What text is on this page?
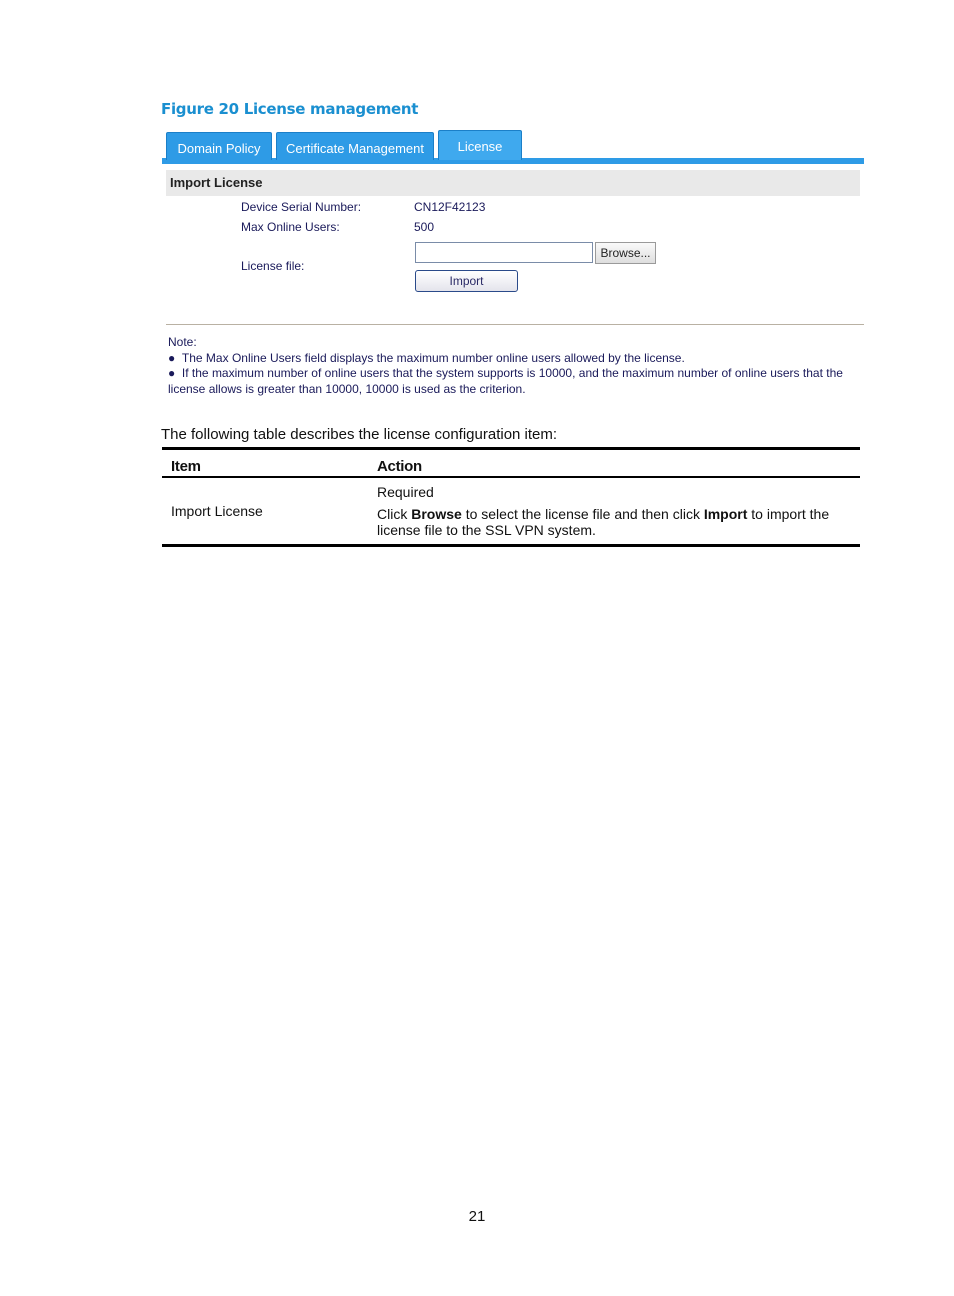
Figure 20 License management
Domain Policy	Certificate Management	License
Import License
Device Serial Number:	CN12F42123
Max Online Users:	500
License file:
Browse...
Import
Note:
●  The Max Online Users field displays the maximum number online users allowed by the license.
●  If the maximum number of online users that the system supports is 10000, and the maximum number of online users that the license allows is greater than 10000, 10000 is used as the criterion.
The following table describes the license configuration item:
Item	Action
Import License	Required
Click Browse to select the license file and then click Import to import the license file to the SSL VPN system.
21
